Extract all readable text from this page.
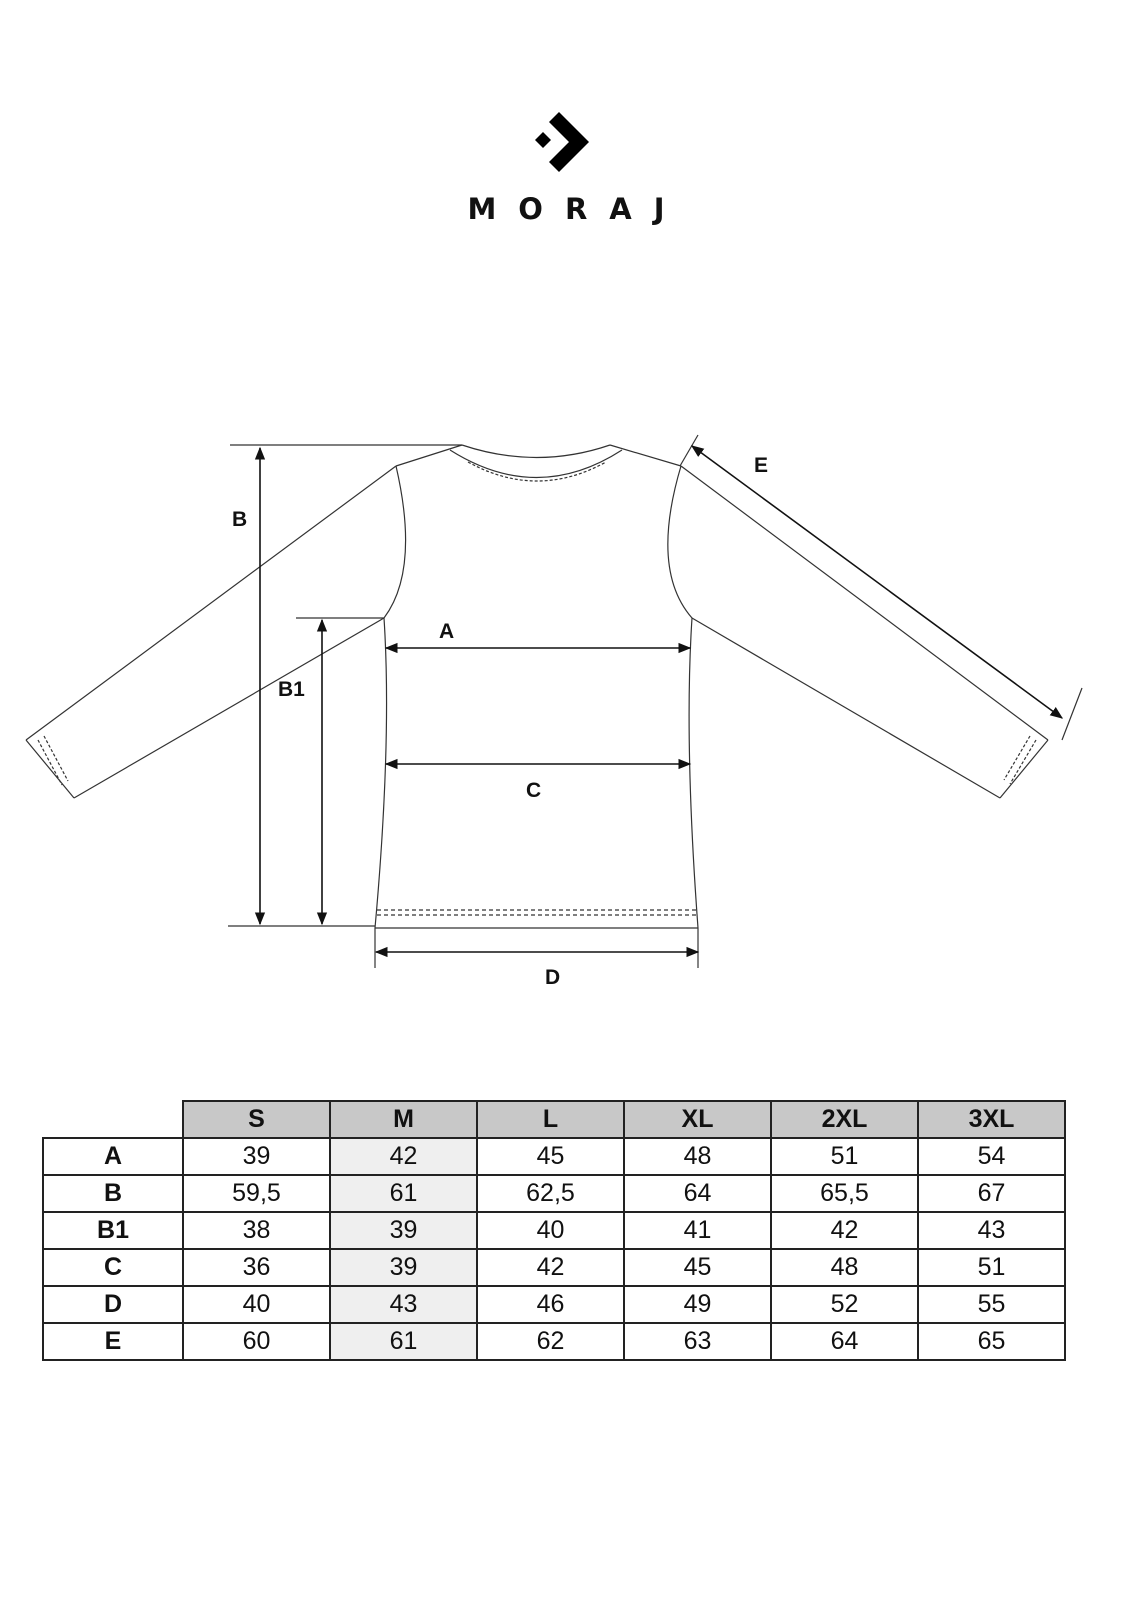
MORAJ
B
B1
A
C
D
E
	S	M	L	XL	2XL	3XL
A	39	42	45	48	51	54
B	59,5	61	62,5	64	65,5	67
B1	38	39	40	41	42	43
C	36	39	42	45	48	51
D	40	43	46	49	52	55
E	60	61	62	63	64	65
